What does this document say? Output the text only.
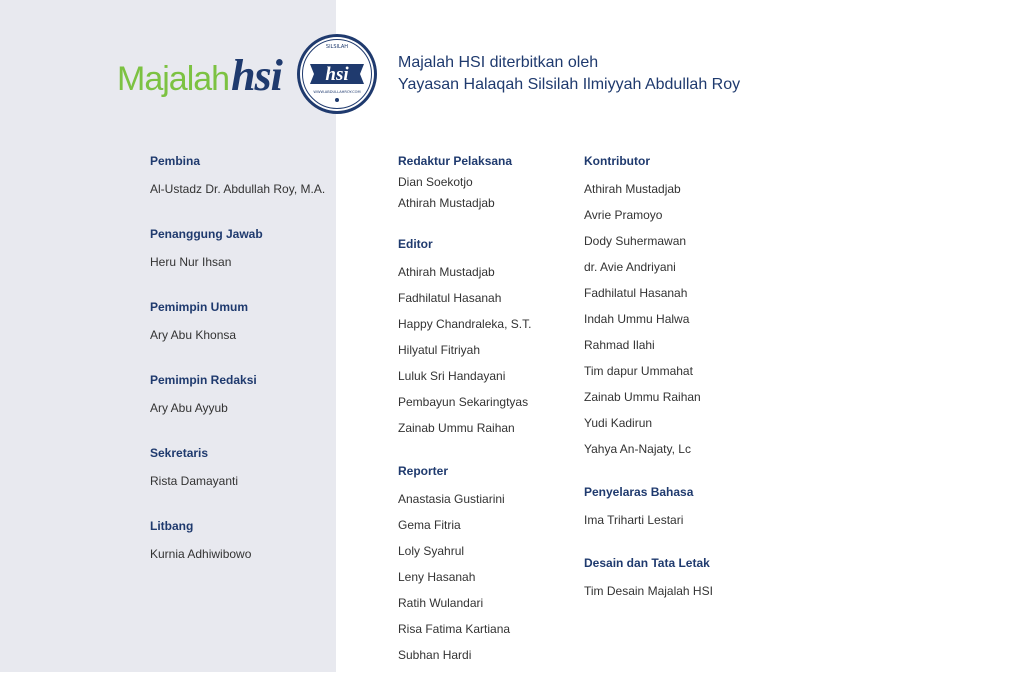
Majalah hsi
SILSILAH
hsi
WWW.ABDULLAHROY.COM
Majalah HSI diterbitkan oleh
Yayasan Halaqah Silsilah Ilmiyyah Abdullah Roy
Pembina
Al-Ustadz Dr. Abdullah Roy, M.A.
Penanggung Jawab
Heru Nur Ihsan
Pemimpin Umum
Ary Abu Khonsa
Pemimpin Redaksi
Ary Abu Ayyub
Sekretaris
Rista Damayanti
Litbang
Kurnia Adhiwibowo
Redaktur Pelaksana
Dian Soekotjo
Athirah Mustadjab
Editor
Athirah Mustadjab
Fadhilatul Hasanah
Happy Chandraleka, S.T.
Hilyatul Fitriyah
Luluk Sri Handayani
Pembayun Sekaringtyas
Zainab Ummu Raihan
Reporter
Anastasia Gustiarini
Gema Fitria
Loly Syahrul
Leny Hasanah
Ratih Wulandari
Risa Fatima Kartiana
Subhan Hardi
Kontributor
Athirah Mustadjab
Avrie Pramoyo
Dody Suhermawan
dr. Avie Andriyani
Fadhilatul Hasanah
Indah Ummu Halwa
Rahmad Ilahi
Tim dapur Ummahat
Zainab Ummu Raihan
Yudi Kadirun
Yahya An-Najaty, Lc
Penyelaras Bahasa
Ima Triharti Lestari
Desain dan Tata Letak
Tim Desain Majalah HSI
